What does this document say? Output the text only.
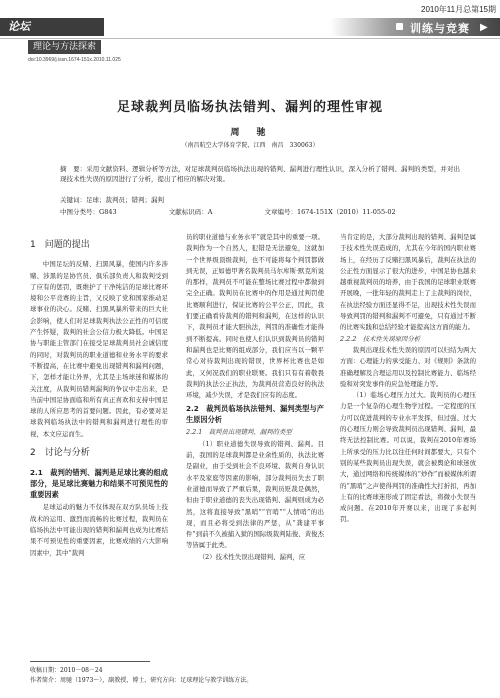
2010年11月总第15期
论坛	训练与竞赛 ▶
理论与方法探索
doi:10.3969/j.issn.1674-151x.2010.11.025
足球裁判员临场执法错判、漏判的理性审视
周　驰
（南昌航空大学体育学院，江西　南昌　330063）
摘　要：采用文献资料、逻辑分析等方法，对足球裁判员临场执法出现的错判、漏判进行理性认识，深入分析了错判、漏判的类型，并对出现技术性失误的原因进行了分析，提出了相应的解决对策。
关键词：足球；裁判员；错判；漏判
中图分类号：G843	文献标识码：A	文章编号：1674-151X（2010）11-055-02
1　问题的提出

中国足坛的反赌、扫黑风暴，使国内许多涉赌、涉黑的足协官员、俱乐部负责人和裁判受到了应有的惩罚，既维护了干净纯洁的足球比赛环境和公平竞赛的主旨，又反映了党和国家推动足球事业的决心。反赌、扫黑风暴所带来的巨大社会影响，使人们对足球裁判执法公正性的可信度产生怀疑，裁判的社会公信力极大降低。中国足协与职能主管部门在接受足球裁判员社会诚信度的同时，对裁判员的职业道德和业务水平的要求不断提高，在比赛中避免出现错判和漏判问题，下，怎样才能让外界，尤其是主场球迷和媒体的关注度，从裁判员错判漏判的争议中走出来，是当前中国足协面临和所有真正喜欢和支持中国足球的人所应思考的首要问题。因此，有必要对足球裁判临场执法中的错判和漏判进行理性的审视，本文应运而生。

2　讨论与分析
2.1　裁判的错判、漏判是足球比赛的组成部分，是足球比赛魅力和结果不可预见性的重要因素

足球运动的魅力不仅体现在双方队员场上技战术的运用、激烈而流畅的比赛过程，裁判员在临场执法中可能出现的错判和漏判也成为比赛结果不可预见性的重要因素，比赛成绩的六大影响因素中，其中“裁判

员的职业道德与业务水平”就是其中的重要一项。裁判作为一个自然人，犯错是无法避免，这就加一个世界级顶级裁判，也不可能将每个判罚都做到无误，正如德甲著名裁判员马尔库斯·默克所说的那样，裁判员不可能在整场比赛过程中都做到完全正确。裁判员在比赛中的作用是通过判罚使比赛顺利进行，保证比赛的公平公正，因此，我们要正确看待裁判的错判和漏判，在这样的认识下，裁判员才能大胆执法，判罚的准确性才能得到不断提高。同时也使人们认识到裁判员的错判和漏判也是比赛的组成部分，我们应当以一颗平常心对待裁判出现的错误，世界杯比赛也是如此，又何况我们的职业联赛。我们只有有着敬畏裁判的执法公正执法，为裁判员营造良好的执法环境，减少失误，才是我们应有的态度。

2.2　裁判员临场执法错判、漏判类型与产生原因分析
2.2.1　裁判员出现错判、漏判的类型

（1）职业道德失误导致的错判、漏判。目前，我国的足球裁判都是业余性质的，执法比赛是副业，由于受到社会不良环境、裁判自身认识水平及家庭等因素的影响，部分裁判员失去了职业道德而导致了严重后果，裁判员贬裁是偶然，但由于职业道德的丧失出现错判、漏判则成为必然，这将直接导致“黑哨”“官哨”“人情哨”的出现，而且必将受到法律的严惩，从“龚建平事件”到前不久被捕入狱的国际级裁判陆俊、黄俊杰等皆属于此类。

（2）技术性失误出现错判、漏判，应

当肯定的是，大部分裁判出现的错判、漏判是属于技术性失误造成的，尤其在今年的国内职业赛场上，在经历了反赌扫黑风暴后，裁判在执法的公正性方面显示了很大的进步，中国足协也越来越重视裁判员的培养，由于我国的足球职业联赛开展晚，一批年轻的裁判走上了主裁判的岗位，在执法经验方面还显得不足，出现技术性失误而导致判罚的错判和漏判不可避免，只有通过不断的比赛实践和总结经验才能提高这方面的能力。

2.2.2　技术性失误原因分析

裁判出现技术性失误的原因可以归结为两大方面：心理能力的承受能力、对《规则》条款的准确理解及合理运用以及控制比赛能力、临场经验和对突发事件的应急处理能力等。

（1）临场心理压力过大。裁判员的心理压力是一个复杂的心理生物学过程。一定程度的压力可以促进裁判的专业水平发挥，但过强、过大的心理压力则会导致裁判员出现错判、漏判，最终无法控制比赛。可以说，裁判在2010年赛场上所承受的压力比以往任何时间都要大，只有个别的某些裁判员出现失误，就会被舆论和球迷放大，通过网络和传统媒体的“炒作”而被媒体所谓的“黑哨”之声使得判罚的准确性大打折扣，再加上有的比赛球迷形成了固定看法，将微小失误当成问题。在2010年开赛以来，出现了多起判罚。

收稿日期：2010－08－24
作者简介：周驰（1973～），副教授，博士，研究方向：足球理论与教学训练方法。
